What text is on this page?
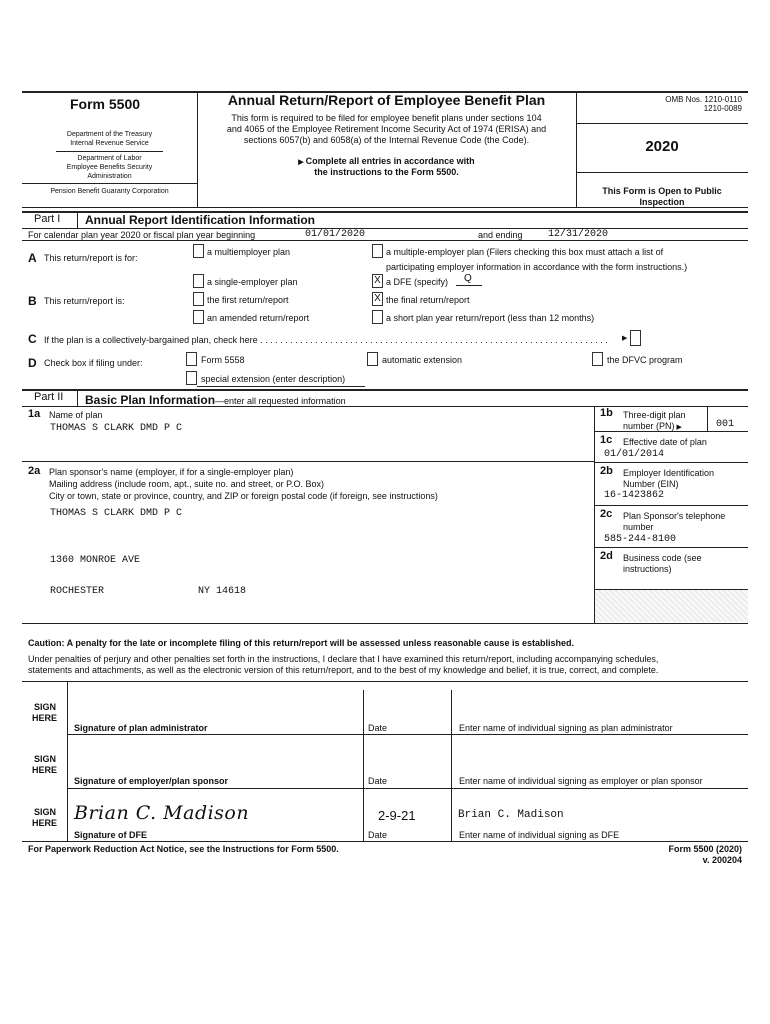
Form 5500
Department of the Treasury
Internal Revenue Service
Department of Labor
Employee Benefits Security
Administration
Pension Benefit Guaranty Corporation
Annual Return/Report of Employee Benefit Plan
This form is required to be filed for employee benefit plans under sections 104
and 4065 of the Employee Retirement Income Security Act of 1974 (ERISA) and
sections 6057(b) and 6058(a) of the Internal Revenue Code (the Code).
▶ Complete all entries in accordance with
the instructions to the Form 5500.
OMB Nos. 1210-0110
1210-0089
2020
This Form is Open to Public
Inspection
Part I Annual Report Identification Information
For calendar plan year 2020 or fiscal plan year beginning	01/01/2020	and ending	12/31/2020
A This return/report is for:
a multiemployer plan	a multiple-employer plan (Filers checking this box must attach a list of
participating employer information in accordance with the form instructions.)
a single-employer plan	X a DFE (specify) Q
B This return/report is:	the first return/report	X the final return/report
an amended return/report	a short plan year return/report (less than 12 months)
C If the plan is a collectively-bargained plan, check here . . . . . . . . . . . . . . . . . . . . . . . . . . . . . . . . . . . . . . . . . . . . . . . . . . . . . . . . . . . . . . . . . . . . . .	▶
D Check box if filing under:	Form 5558	automatic extension	the DFVC program
special extension (enter description)
Part II Basic Plan Information—enter all requested information
1a Name of plan
THOMAS S CLARK DMD P C
1b Three-digit plan
number (PN) ▶	001
1c Effective date of plan
01/01/2014
2a Plan sponsor's name (employer, if for a single-employer plan)
Mailing address (include room, apt., suite no. and street, or P.O. Box)
City or town, state or province, country, and ZIP or foreign postal code (if foreign, see instructions)
THOMAS S CLARK DMD P C
1360 MONROE AVE
ROCHESTER	NY 14618
2b Employer Identification
Number (EIN)
16-1423862
2c Plan Sponsor's telephone
number
585-244-8100
2d Business code (see
instructions)
Caution: A penalty for the late or incomplete filing of this return/report will be assessed unless reasonable cause is established.
Under penalties of perjury and other penalties set forth in the instructions, I declare that I have examined this return/report, including accompanying schedules,
statements and attachments, as well as the electronic version of this return/report, and to the best of my knowledge and belief, it is true, correct, and complete.
SIGN
HERE
Signature of plan administrator	Date	Enter name of individual signing as plan administrator
SIGN
HERE
Signature of employer/plan sponsor	Date	Enter name of individual signing as employer or plan sponsor
SIGN
HERE Brian C. Madison	2-9-21	Brian C. Madison
Signature of DFE	Date	Enter name of individual signing as DFE
For Paperwork Reduction Act Notice, see the Instructions for Form 5500.	Form 5500 (2020)
v. 200204
